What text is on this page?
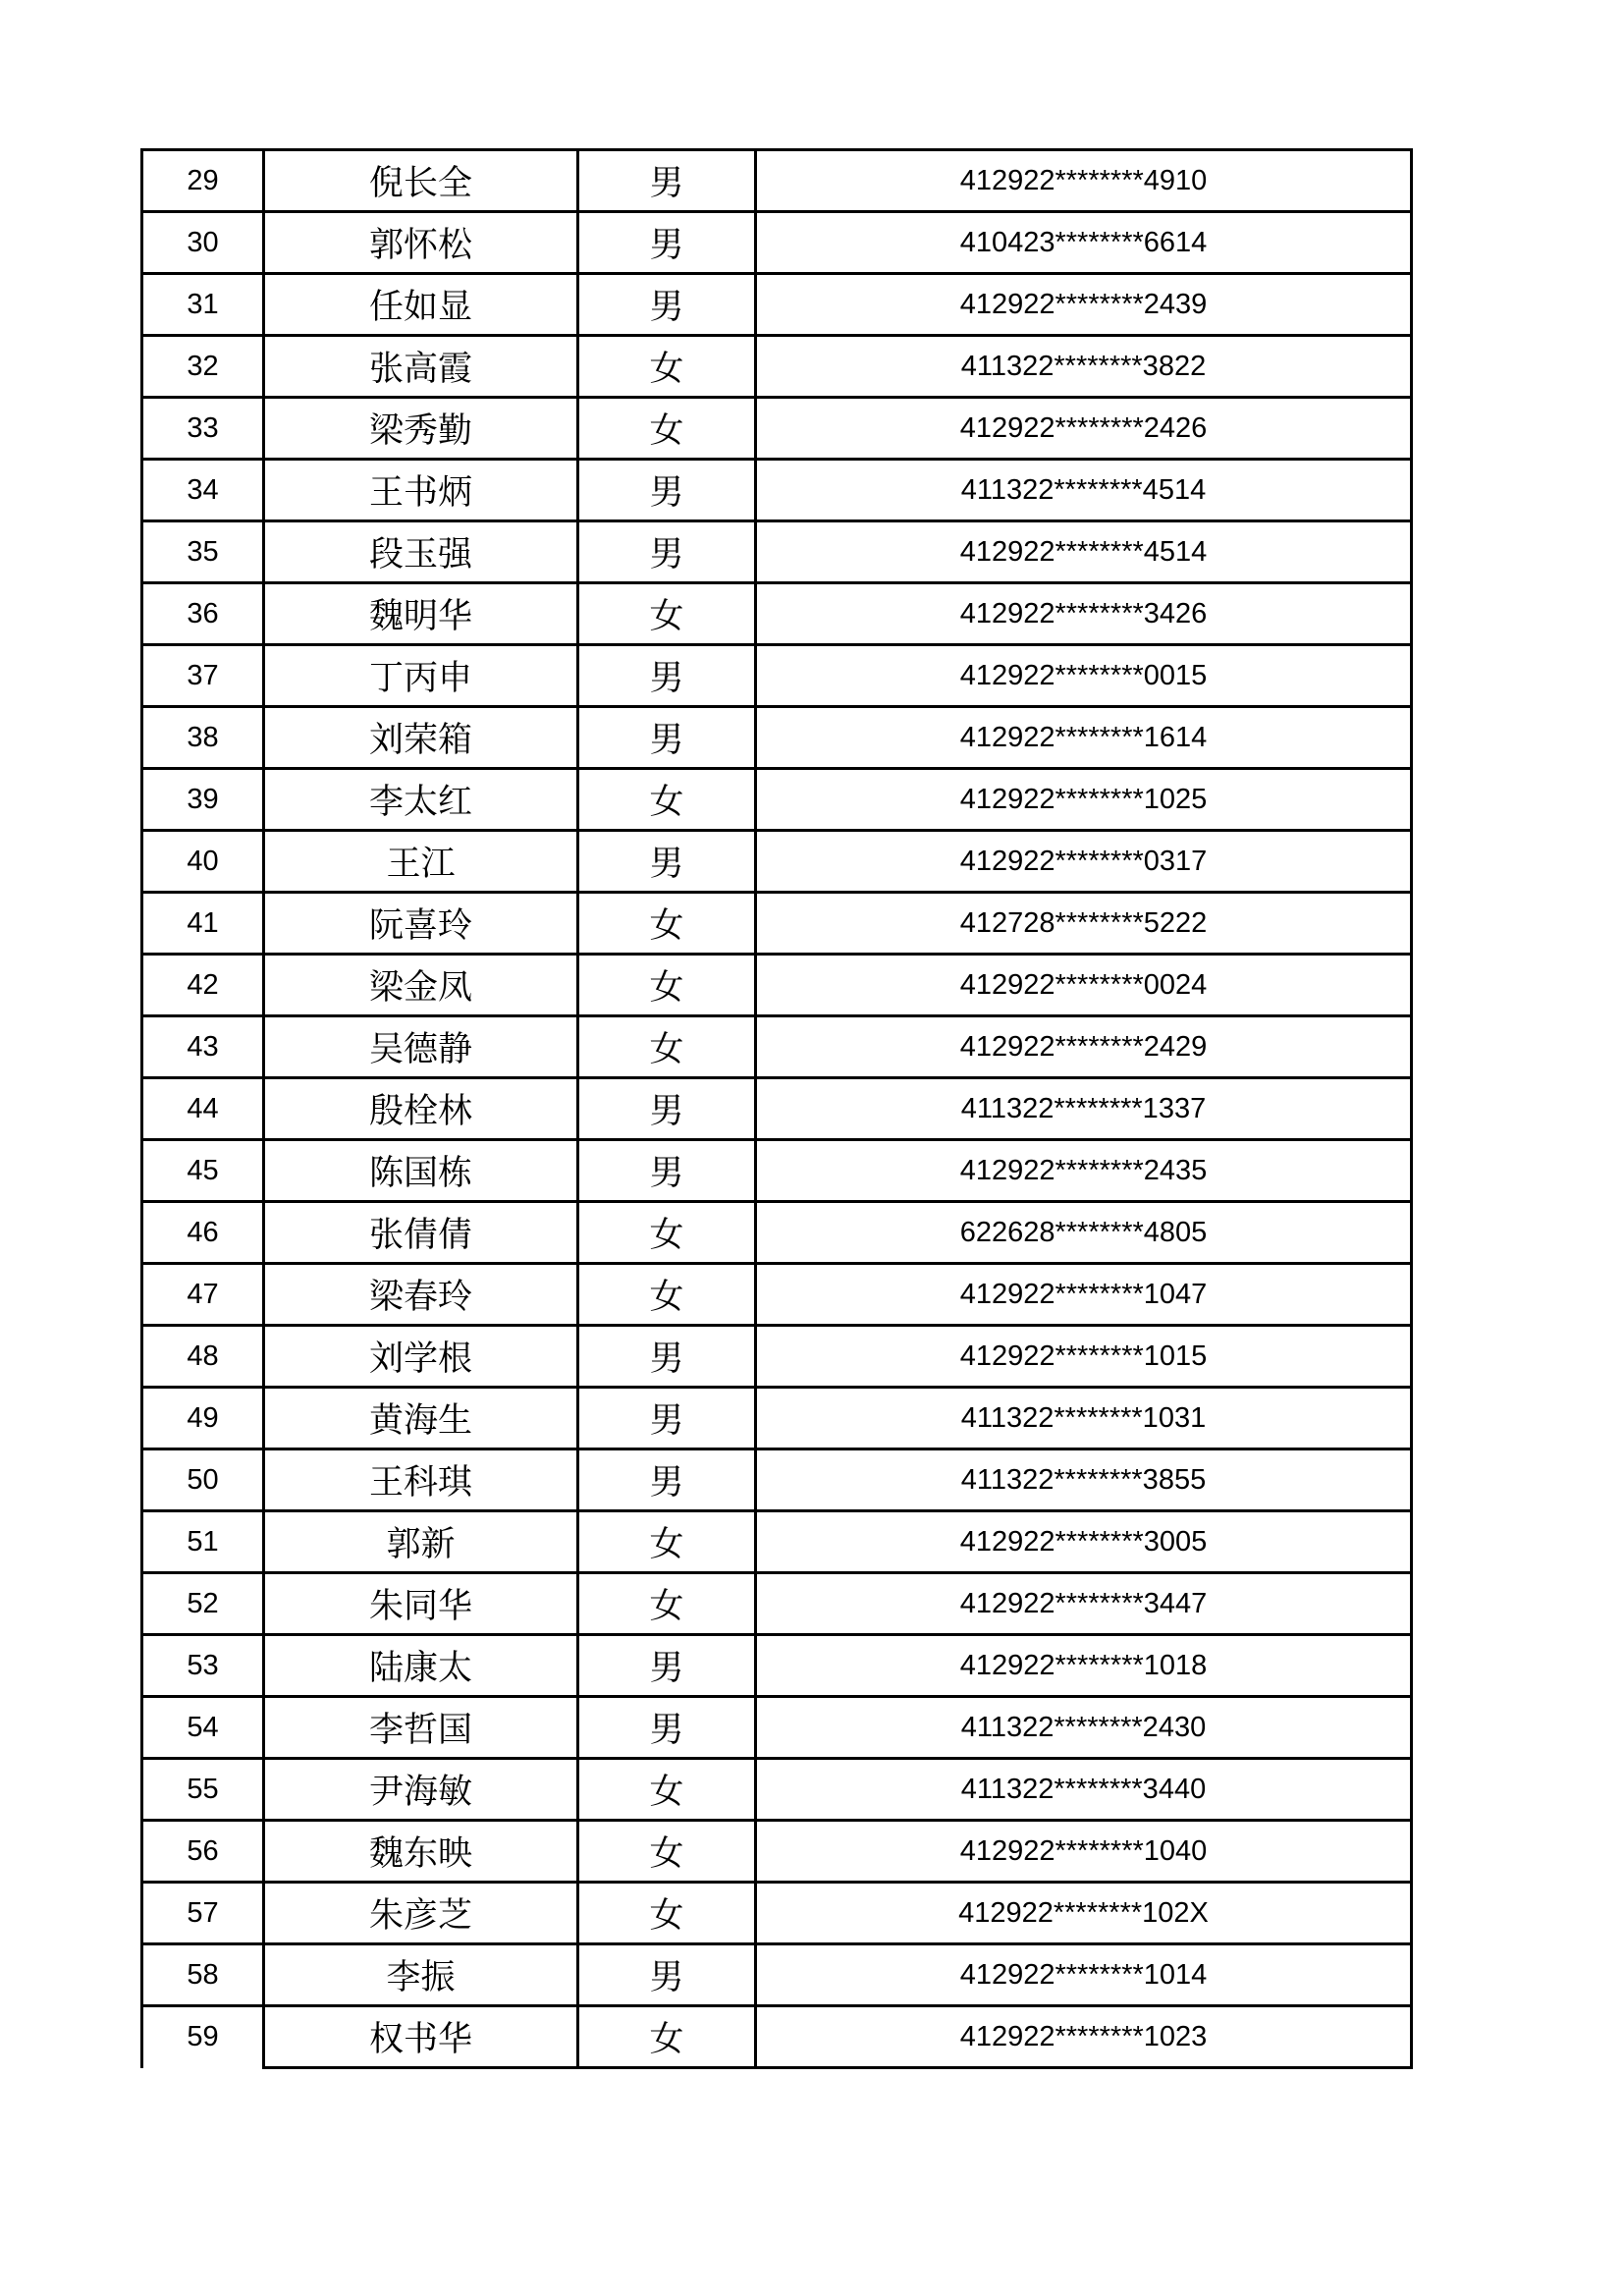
29	倪长全	男	412922********4910
30	郭怀松	男	410423********6614
31	任如显	男	412922********2439
32	张高霞	女	411322********3822
33	梁秀勤	女	412922********2426
34	王书炳	男	411322********4514
35	段玉强	男	412922********4514
36	魏明华	女	412922********3426
37	丁丙申	男	412922********0015
38	刘荣箱	男	412922********1614
39	李太红	女	412922********1025
40	王江	男	412922********0317
41	阮喜玲	女	412728********5222
42	梁金凤	女	412922********0024
43	吴德静	女	412922********2429
44	殷栓林	男	411322********1337
45	陈国栋	男	412922********2435
46	张倩倩	女	622628********4805
47	梁春玲	女	412922********1047
48	刘学根	男	412922********1015
49	黄海生	男	411322********1031
50	王科琪	男	411322********3855
51	郭新	女	412922********3005
52	朱同华	女	412922********3447
53	陆康太	男	412922********1018
54	李哲国	男	411322********2430
55	尹海敏	女	411322********3440
56	魏东映	女	412922********1040
57	朱彦芝	女	412922********102X
58	李振	男	412922********1014
59	权书华	女	412922********1023
